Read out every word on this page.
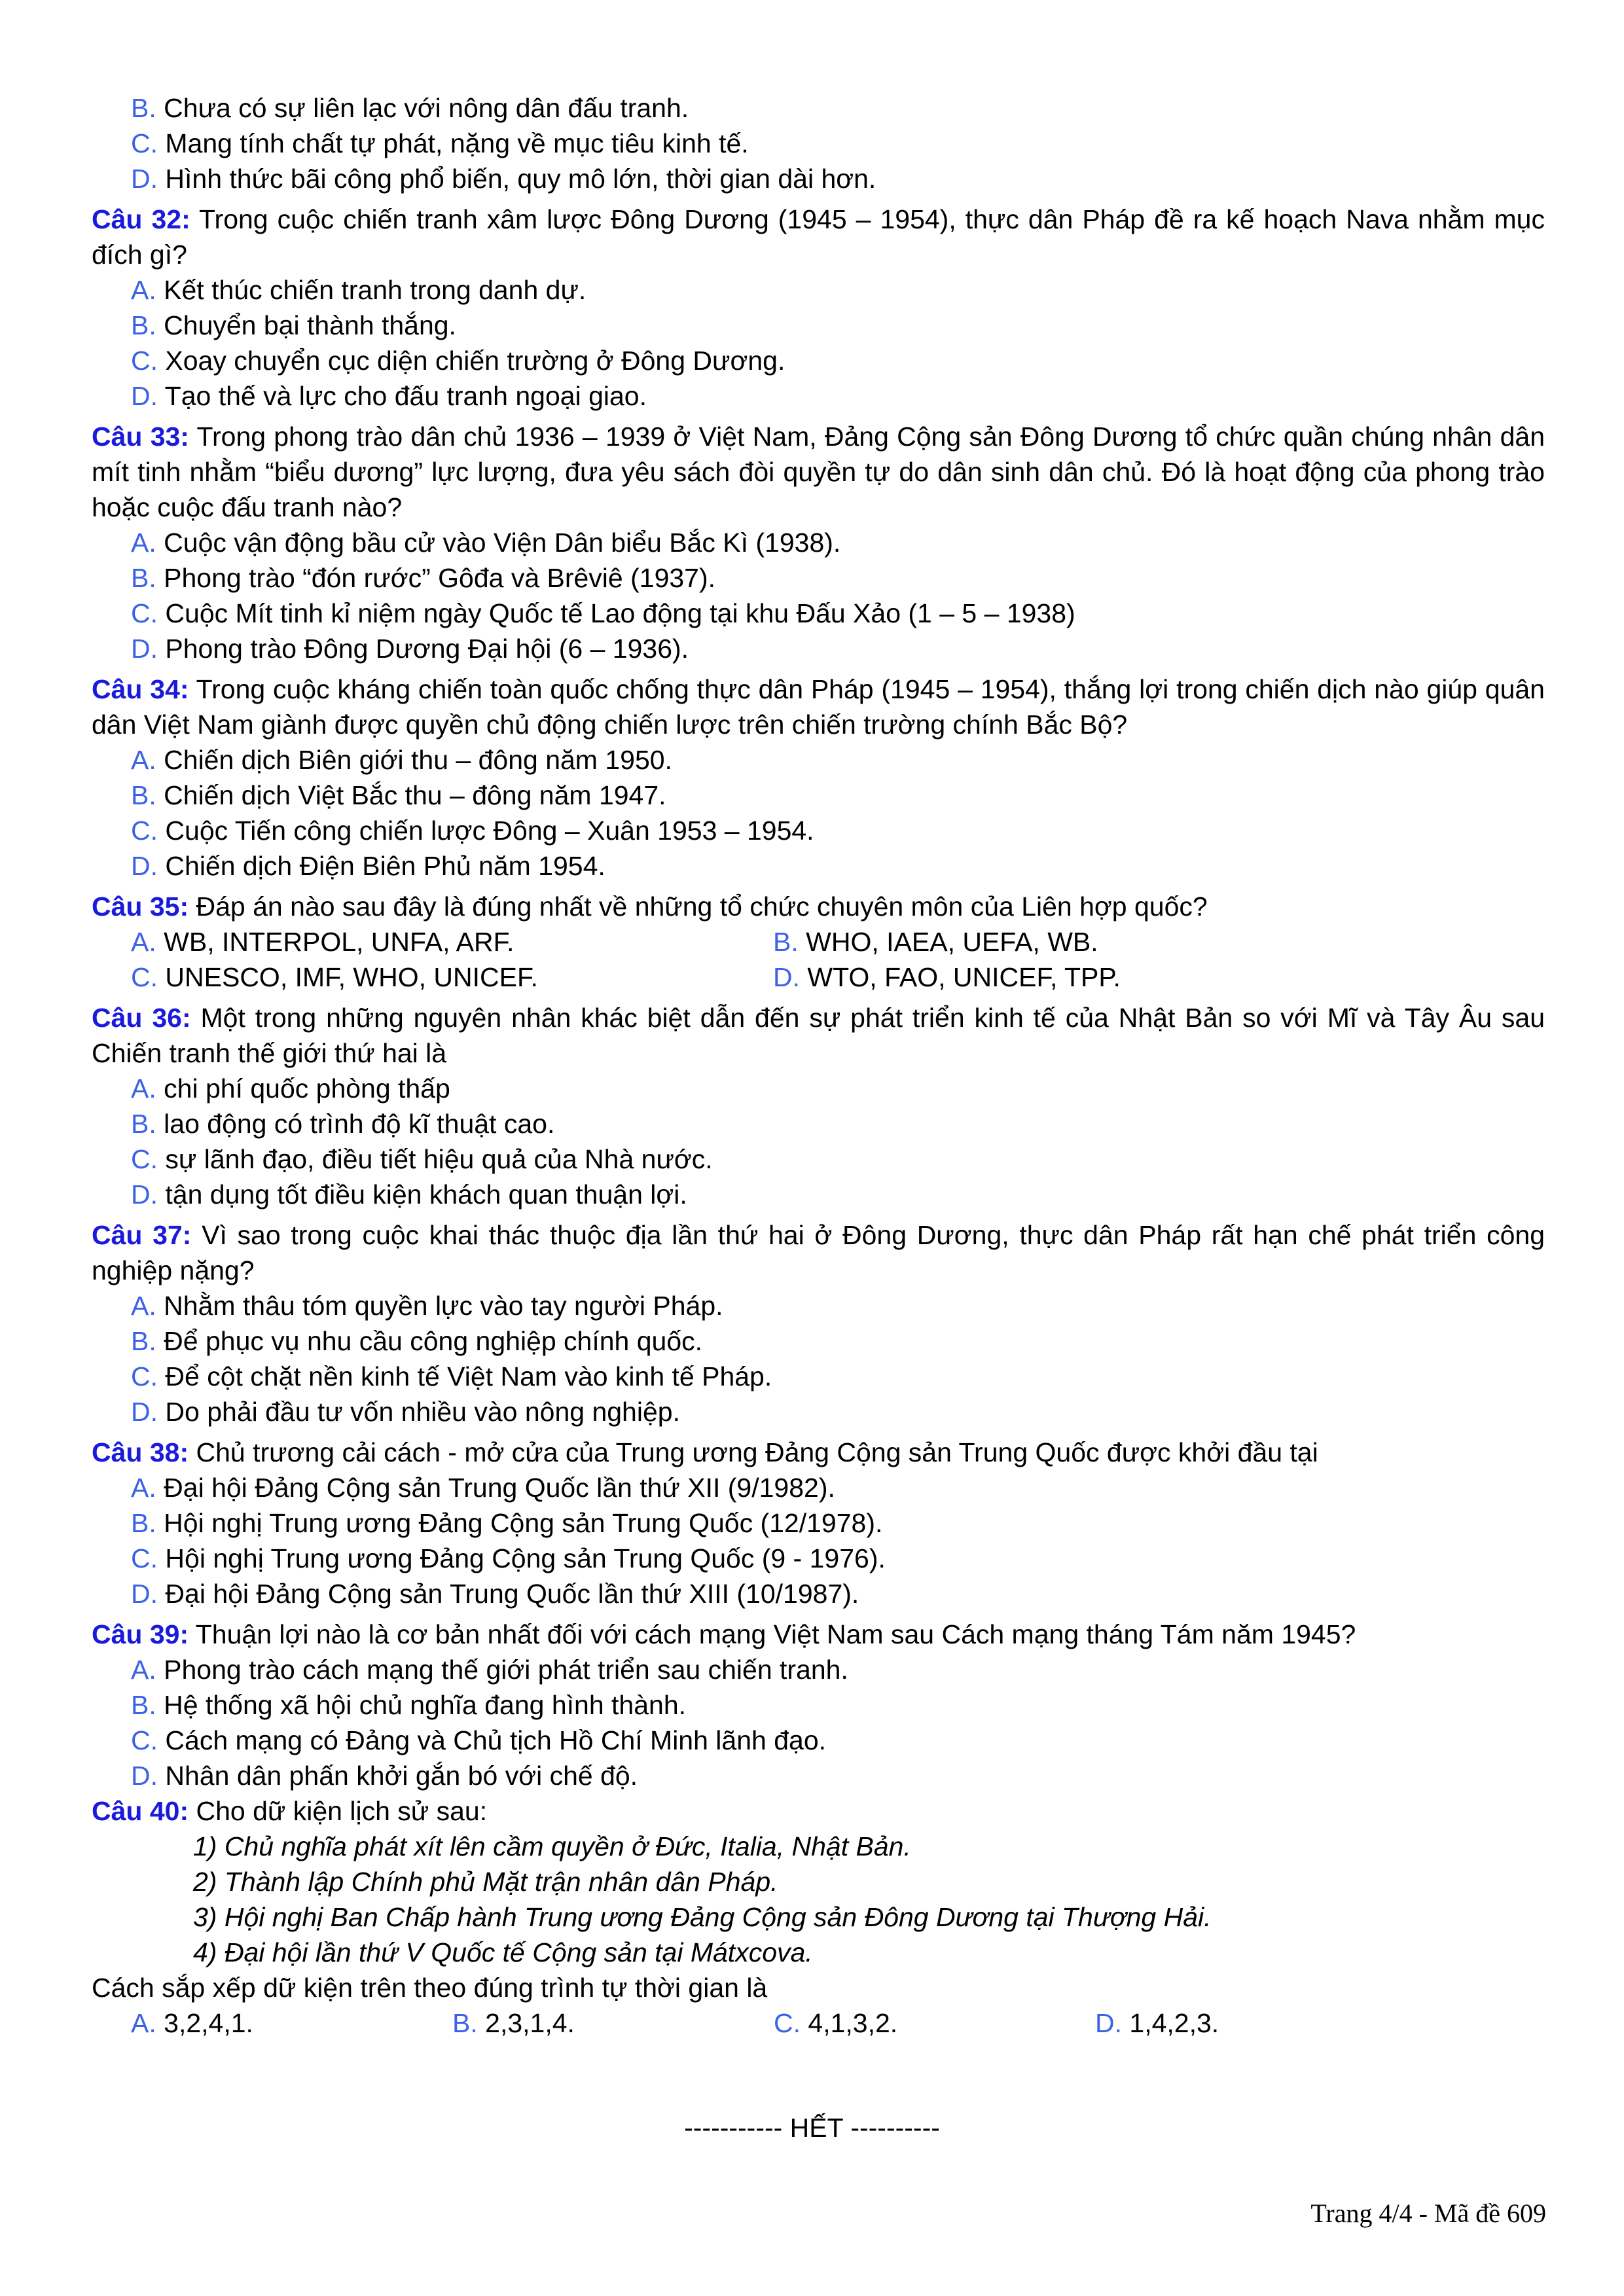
B. Chưa có sự liên lạc với nông dân đấu tranh.
C. Mang tính chất tự phát, nặng về mục tiêu kinh tế.
D. Hình thức bãi công phổ biến, quy mô lớn, thời gian dài hơn.
Câu 32: Trong cuộc chiến tranh xâm lược Đông Dương (1945 – 1954), thực dân Pháp đề ra kế hoạch Nava nhằm mục đích gì?
A. Kết thúc chiến tranh trong danh dự.
B. Chuyển bại thành thắng.
C. Xoay chuyển cục diện chiến trường ở Đông Dương.
D. Tạo thế và lực cho đấu tranh ngoại giao.
Câu 33: Trong phong trào dân chủ 1936 – 1939 ở Việt Nam, Đảng Cộng sản Đông Dương tổ chức quần chúng nhân dân mít tinh nhằm “biểu dương” lực lượng, đưa yêu sách đòi quyền tự do dân sinh dân chủ. Đó là hoạt động của phong trào hoặc cuộc đấu tranh nào?
A. Cuộc vận động bầu cử vào Viện Dân biểu Bắc Kì (1938).
B. Phong trào “đón rước” Gôđa và Brêviê (1937).
C. Cuộc Mít tinh kỉ niệm ngày Quốc tế Lao động tại khu Đấu Xảo (1 – 5 – 1938)
D. Phong trào Đông Dương Đại hội (6 – 1936).
Câu 34: Trong cuộc kháng chiến toàn quốc chống thực dân Pháp (1945 – 1954), thắng lợi trong chiến dịch nào giúp quân dân Việt Nam giành được quyền chủ động chiến lược trên chiến trường chính Bắc Bộ?
A. Chiến dịch Biên giới thu – đông năm 1950.
B. Chiến dịch Việt Bắc thu – đông năm 1947.
C. Cuộc Tiến công chiến lược Đông – Xuân 1953 – 1954.
D. Chiến dịch Điện Biên Phủ năm 1954.
Câu 35: Đáp án nào sau đây là đúng nhất về những tổ chức chuyên môn của Liên hợp quốc?
A. WB, INTERPOL, UNFA, ARF.	B. WHO, IAEA, UEFA, WB.
C. UNESCO, IMF, WHO, UNICEF.	D. WTO, FAO, UNICEF, TPP.
Câu 36: Một trong những nguyên nhân khác biệt dẫn đến sự phát triển kinh tế của Nhật Bản so với Mĩ và Tây Âu sau Chiến tranh thế giới thứ hai là
A. chi phí quốc phòng thấp
B. lao động có trình độ kĩ thuật cao.
C. sự lãnh đạo, điều tiết hiệu quả của Nhà nước.
D. tận dụng tốt điều kiện khách quan thuận lợi.
Câu 37: Vì sao trong cuộc khai thác thuộc địa lần thứ hai ở Đông Dương, thực dân Pháp rất hạn chế phát triển công nghiệp nặng?
A. Nhằm thâu tóm quyền lực vào tay người Pháp.
B. Để phục vụ nhu cầu công nghiệp chính quốc.
C. Để cột chặt nền kinh tế Việt Nam vào kinh tế Pháp.
D. Do phải đầu tư vốn nhiều vào nông nghiệp.
Câu 38: Chủ trương cải cách - mở cửa của Trung ương Đảng Cộng sản Trung Quốc được khởi đầu tại
A. Đại hội Đảng Cộng sản Trung Quốc lần thứ XII (9/1982).
B. Hội nghị Trung ương Đảng Cộng sản Trung Quốc (12/1978).
C. Hội nghị Trung ương Đảng Cộng sản Trung Quốc (9 - 1976).
D. Đại hội Đảng Cộng sản Trung Quốc lần thứ XIII (10/1987).
Câu 39: Thuận lợi nào là cơ bản nhất đối với cách mạng Việt Nam sau Cách mạng tháng Tám năm 1945?
A. Phong trào cách mạng thế giới phát triển sau chiến tranh.
B. Hệ thống xã hội chủ nghĩa đang hình thành.
C. Cách mạng có Đảng và Chủ tịch Hồ Chí Minh lãnh đạo.
D. Nhân dân phấn khởi gắn bó với chế độ.
Câu 40: Cho dữ kiện lịch sử sau:
1) Chủ nghĩa phát xít lên cầm quyền ở Đức, Italia, Nhật Bản.
2) Thành lập Chính phủ Mặt trận nhân dân Pháp.
3) Hội nghị Ban Chấp hành Trung ương Đảng Cộng sản Đông Dương tại Thượng Hải.
4) Đại hội lần thứ V Quốc tế Cộng sản tại Mátxcova.
Cách sắp xếp dữ kiện trên theo đúng trình tự thời gian là
A. 3,2,4,1.	B. 2,3,1,4.	C. 4,1,3,2.	D. 1,4,2,3.
----------- HẾT ----------
Trang 4/4 - Mã đề 609
